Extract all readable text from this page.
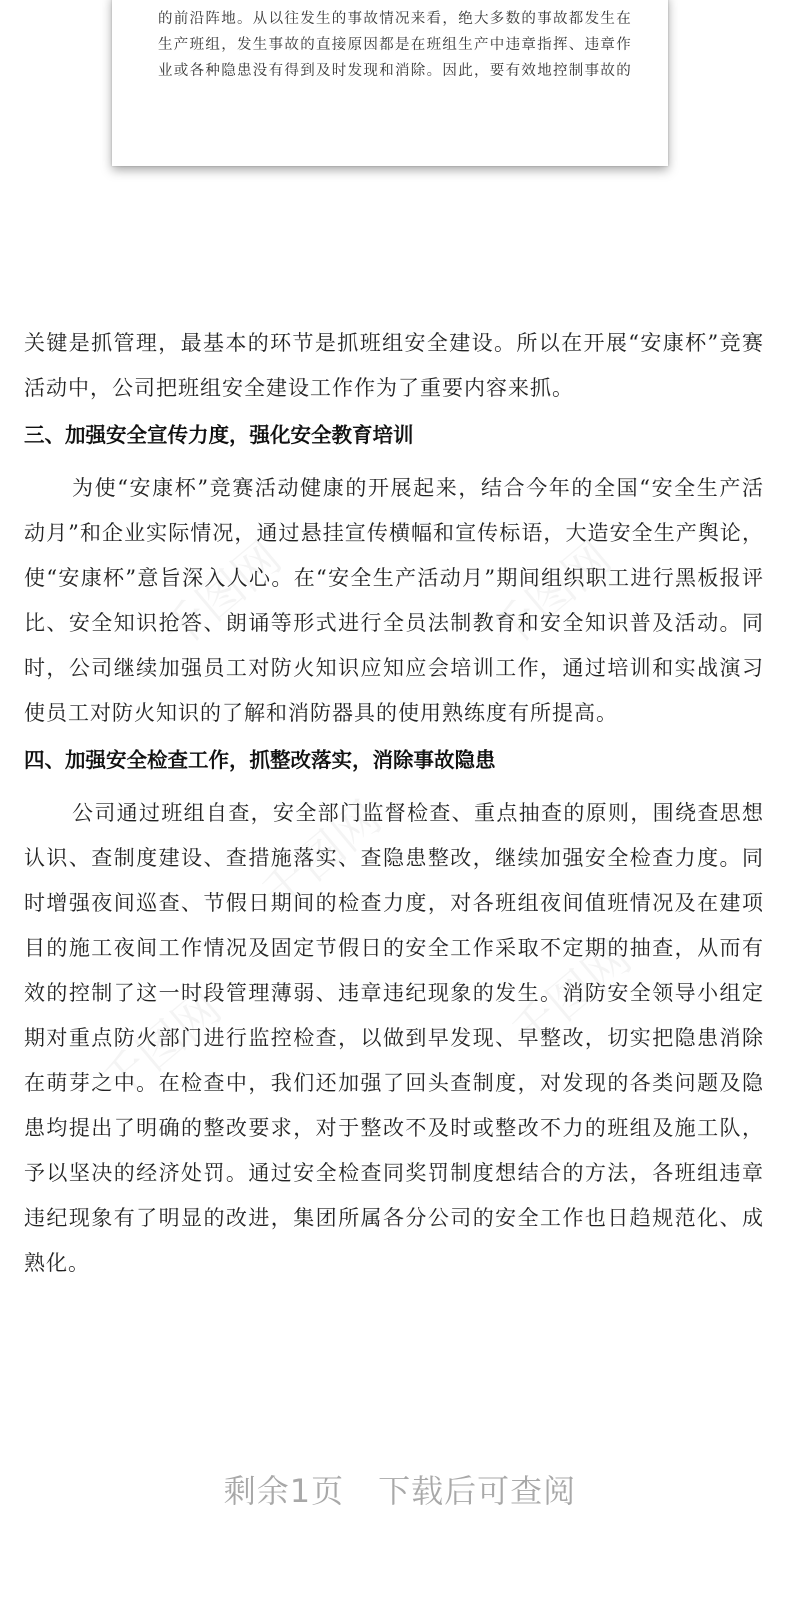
的前沿阵地。从以往发生的事故情况来看，绝大多数的事故都发生在
生产班组，发生事故的直接原因都是在班组生产中违章指挥、违章作
业或各种隐患没有得到及时发现和消除。因此，要有效地控制事故的

关键是抓管理，最基本的环节是抓班组安全建设。所以在开展“安康杯”竞赛活动中，公司把班组安全建设工作作为了重要内容来抓。

三、加强安全宣传力度，强化安全教育培训

为使“安康杯”竞赛活动健康的开展起来，结合今年的全国“安全生产活动月”和企业实际情况，通过悬挂宣传横幅和宣传标语，大造安全生产舆论，使“安康杯”意旨深入人心。在“安全生产活动月”期间组织职工进行黑板报评比、安全知识抢答、朗诵等形式进行全员法制教育和安全知识普及活动。同时，公司继续加强员工对防火知识应知应会培训工作，通过培训和实战演习使员工对防火知识的了解和消防器具的使用熟练度有所提高。

四、加强安全检查工作，抓整改落实，消除事故隐患

公司通过班组自查，安全部门监督检查、重点抽查的原则，围绕查思想认识、查制度建设、查措施落实、查隐患整改，继续加强安全检查力度。同时增强夜间巡查、节假日期间的检查力度，对各班组夜间值班情况及在建项目的施工夜间工作情况及固定节假日的安全工作采取不定期的抽查，从而有效的控制了这一时段管理薄弱、违章违纪现象的发生。消防安全领导小组定期对重点防火部门进行监控检查，以做到早发现、早整改，切实把隐患消除在萌芽之中。在检查中，我们还加强了回头查制度，对发现的各类问题及隐患均提出了明确的整改要求，对于整改不及时或整改不力的班组及施工队，予以坚决的经济处罚。通过安全检查同奖罚制度想结合的方法，各班组违章违纪现象有了明显的改进，集团所属各分公司的安全工作也日趋规范化、成熟化。

剩余1页 下载后可查阅
